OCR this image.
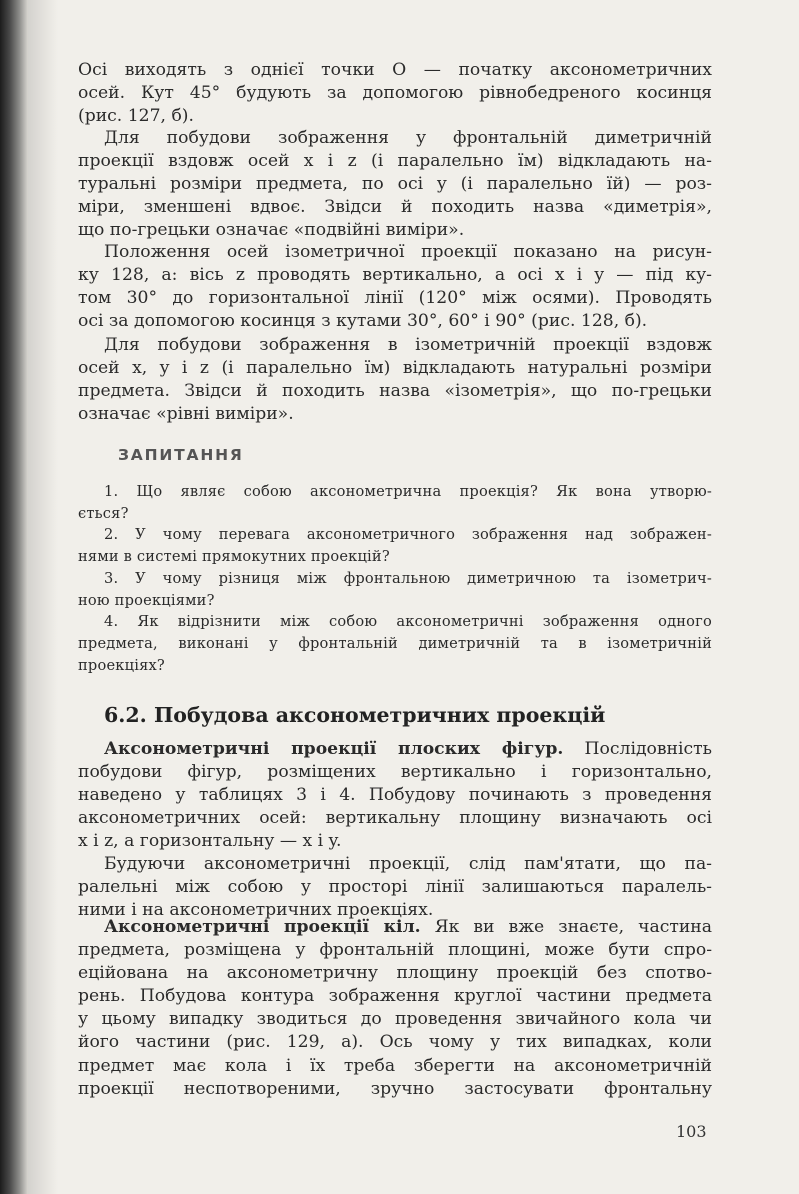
Осі виходять з однієї точки O — початку аксонометричних

осей. Кут 45° будують за допомогою рівнобедреного косинця

(рис. 127, б).

Для побудови зображення у фронтальній диметричній

проекції вздовж осей x і z (і паралельно їм) відкладають на-

туральні розміри предмета, по осі y (і паралельно їй) — роз-

міри, зменшені вдвоє. Звідси й походить назва «диметрія»,

що по-грецьки означає «подвійні виміри».

Положення осей ізометричної проекції показано на рисун-

ку 128, а: вісь z проводять вертикально, а осі x і y — під ку-

том 30° до горизонтальної лінії (120° між осями). Проводять

осі за допомогою косинця з кутами 30°, 60° і 90° (рис. 128, б).

Для побудови зображення в ізометричній проекції вздовж

осей x, y і z (і паралельно їм) відкладають натуральні розміри

предмета. Звідси й походить назва «ізометрія», що по-грецьки

означає «рівні виміри».

ЗАПИТАННЯ

1. Що являє собою аксонометрична проекція? Як вона утворю-

ється?

2. У чому перевага аксонометричного зображення над зображен-

нями в системі прямокутних проекцій?

3. У чому різниця між фронтальною диметричною та ізометрич-

ною проекціями?

4. Як відрізнити між собою аксонометричні зображення одного

предмета, виконані у фронтальній диметричній та в ізометричній

проекціях?

6.2. Побудова аксонометричних проекцій

Аксонометричні проекції плоских фігур. Послідовність

побудови фігур, розміщених вертикально і горизонтально,

наведено у таблицях 3 і 4. Побудову починають з проведення

аксонометричних осей: вертикальну площину визначають осі

x і z, а горизонтальну — x і y.

Будуючи аксонометричні проекції, слід пам'ятати, що па-

ралельні між собою у просторі лінії залишаються паралель-

ними і на аксонометричних проекціях.

Аксонометричні проекції кіл. Як ви вже знаєте, частина

предмета, розміщена у фронтальній площині, може бути спро-

еційована на аксонометричну площину проекцій без спотво-

рень. Побудова контура зображення круглої частини предмета

у цьому випадку зводиться до проведення звичайного кола чи

його частини (рис. 129, а). Ось чому у тих випадках, коли

предмет має кола і їх треба зберегти на аксонометричній

проекції неспотвореними, зручно застосувати фронтальну

103
